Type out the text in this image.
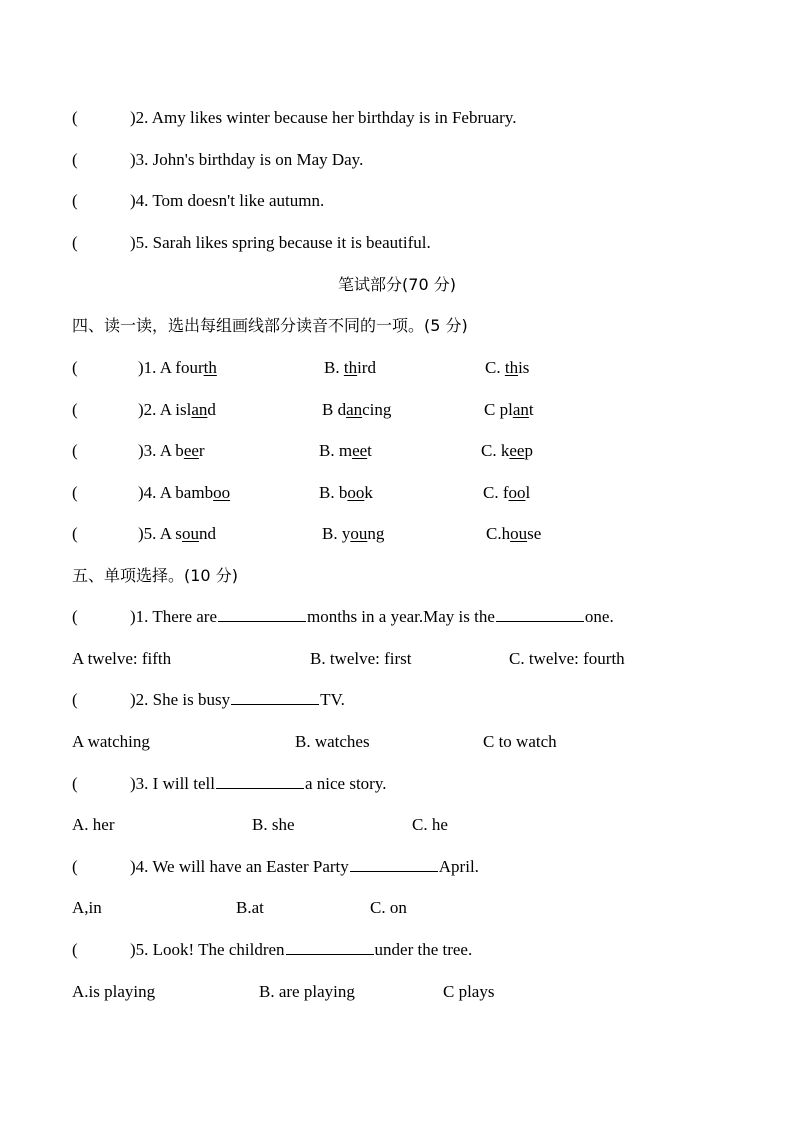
(	)2. Amy likes winter because her birthday is in February.
(	)3. John's birthday is on May Day.
(	)4. Tom doesn't like autumn.
(	)5. Sarah likes spring because it is beautiful.
笔试部分(70 分)
四、读一读，选出每组画线部分读音不同的一项。(5 分)
(	)1. A fourth	B. third	C. this
(	)2. A island	B dancing	C plant
(	)3. A beer	B. meet	C. keep
(	)4. A bamboo	B. book	C. fool
(	)5. A sound	B. young	C.house
五、单项选择。(10 分)
(	)1. There are	months in a year.May is the	one.
A twelve: fifth	B. twelve: first	C. twelve: fourth
(	)2. She is busy	TV.
A watching	B. watches	C to watch
(	)3. I will tell	a nice story.
A. her	B. she	C. he
(	)4. We will have an Easter Party	April.
A,in	B.at	C. on
(	)5. Look! The children	under the tree.
A.is playing	B. are playing	C plays
